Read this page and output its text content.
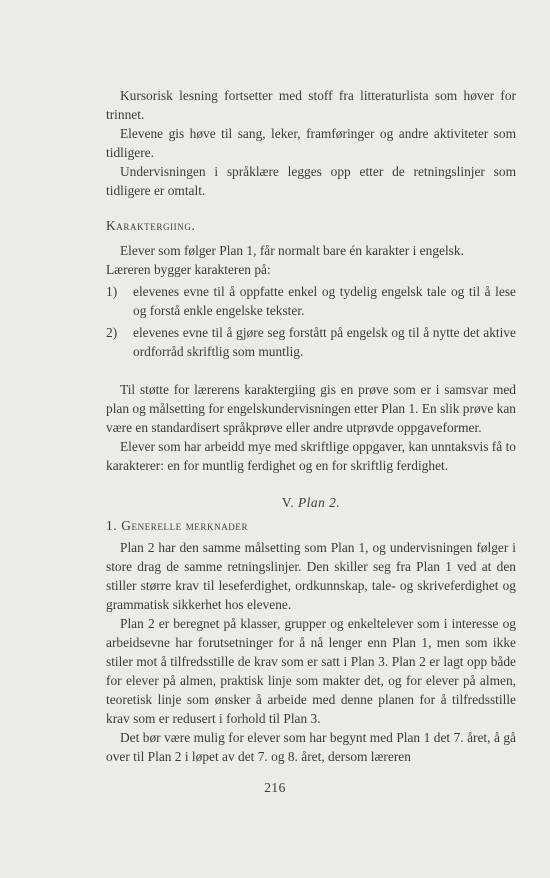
Kursorisk lesning fortsetter med stoff fra litteraturlista som høver for trinnet.

Elevene gis høve til sang, leker, framføringer og andre aktiviteter som tidligere.

Undervisningen i språklære legges opp etter de retningslinjer som tidligere er omtalt.

Karaktergiing.

Elever som følger Plan 1, får normalt bare én karakter i engelsk.

Læreren bygger karakteren på:

1)	elevenes evne til å oppfatte enkel og tydelig engelsk tale og til å lese og forstå enkle engelske tekster.
2)	elevenes evne til å gjøre seg forstått på engelsk og til å nytte det aktive ordforråd skriftlig som muntlig.

Til støtte for lærerens karaktergiing gis en prøve som er i samsvar med plan og målsetting for engelskundervisningen etter Plan 1. En slik prøve kan være en standardisert språkprøve eller andre utprøvde oppgaveformer.

Elever som har arbeidd mye med skriftlige oppgaver, kan unntaksvis få to karakterer: en for muntlig ferdighet og en for skriftlig ferdighet.

V. Plan 2.

1. Generelle merknader

Plan 2 har den samme målsetting som Plan 1, og undervisningen følger i store drag de samme retningslinjer. Den skiller seg fra Plan 1 ved at den stiller større krav til leseferdighet, ordkunnskap, tale- og skriveferdighet og grammatisk sikkerhet hos elevene.

Plan 2 er beregnet på klasser, grupper og enkeltelever som i interesse og arbeidsevne har forutsetninger for å nå lenger enn Plan 1, men som ikke stiler mot å tilfredsstille de krav som er satt i Plan 3. Plan 2 er lagt opp både for elever på almen, praktisk linje som makter det, og for elever på almen, teoretisk linje som ønsker å arbeide med denne planen for å tilfredsstille krav som er redusert i forhold til Plan 3.

Det bør være mulig for elever som har begynt med Plan 1 det 7. året, å gå over til Plan 2 i løpet av det 7. og 8. året, dersom læreren

216
